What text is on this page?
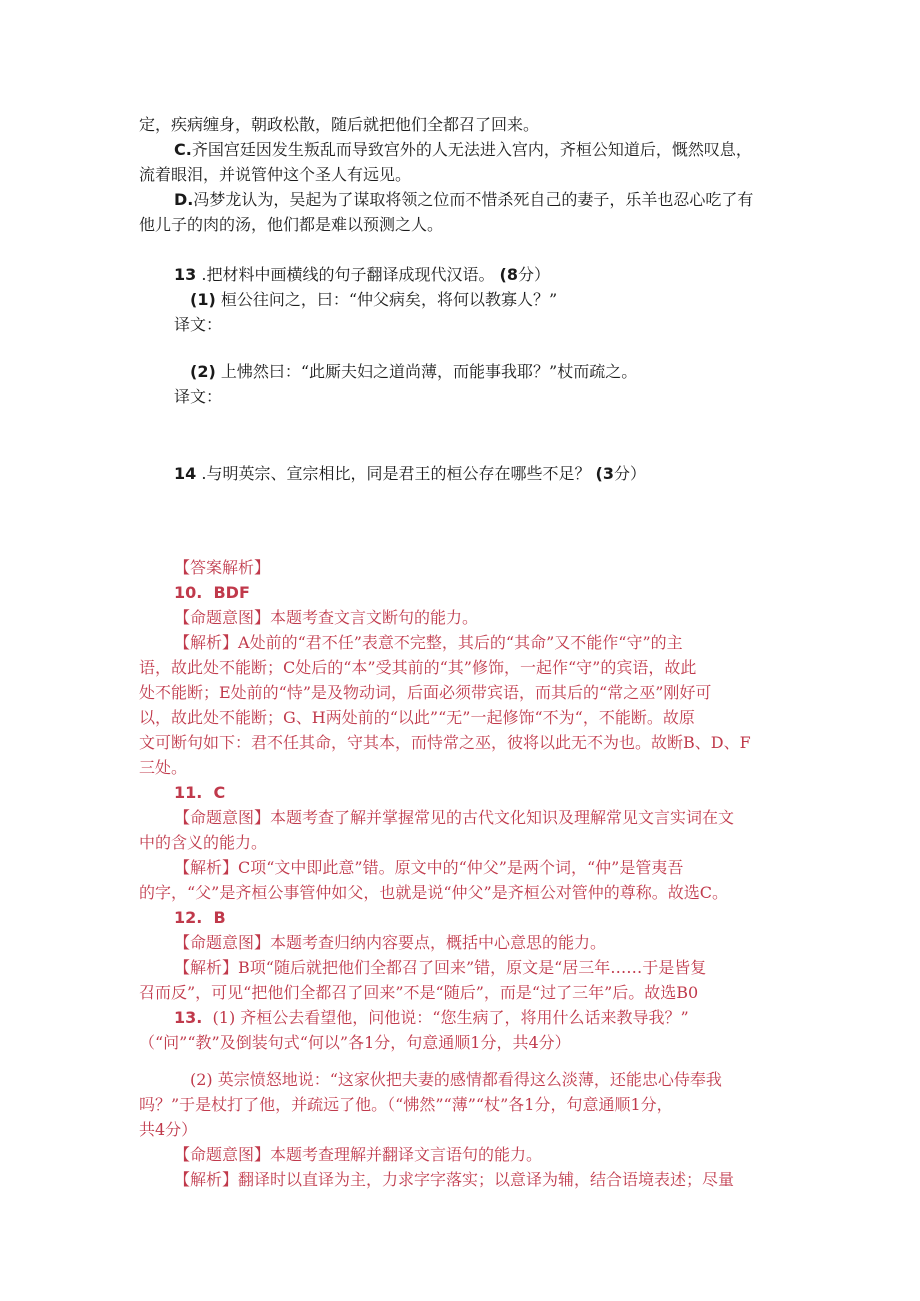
定，疾病缠身，朝政松散，随后就把他们全都召了回来。
C.齐国宫廷因发生叛乱而导致宫外的人无法进入宫内，齐桓公知道后，慨然叹息，
流着眼泪，并说管仲这个圣人有远见。
D.冯梦龙认为，吴起为了谋取将领之位而不惜杀死自己的妻子，乐羊也忍心吃了有
他儿子的肉的汤，他们都是难以预测之人。
13 .把材料中画横线的句子翻译成现代汉语。 (8分）
(1) 桓公往问之，曰：“仲父病矣，将何以教寡人？”
译文：
(2) 上怫然曰：“此厮夫妇之道尚薄，而能事我耶？”杖而疏之。
译文：
14 .与明英宗、宣宗相比，同是君王的桓公存在哪些不足？ (3分）
【答案解析】
10. BDF
【命题意图】本题考查文言文断句的能力。
【解析】A处前的“君不任”表意不完整，其后的“其命”又不能作“守”的主
语，故此处不能断；C处后的“本”受其前的“其”修饰，一起作“守”的宾语，故此
处不能断；E处前的“恃”是及物动词，后面必须带宾语，而其后的“常之巫”刚好可
以，故此处不能断；G、H两处前的“以此”“无”一起修饰“不为“，不能断。故原
文可断句如下：君不任其命，守其本，而恃常之巫，彼将以此无不为也。故断B、D、F
三处。
11. C
【命题意图】本题考查了解并掌握常见的古代文化知识及理解常见文言实词在文
中的含义的能力。
【解析】C项“文中即此意”错。原文中的“仲父”是两个词，“仲”是管夷吾
的字，“父”是齐桓公事管仲如父，也就是说“仲父”是齐桓公对管仲的尊称。故选C。
12. B
【命题意图】本题考查归纳内容要点，概括中心意思的能力。
【解析】B项“随后就把他们全都召了回来”错，原文是“居三年……于是皆复
召而反”，可见“把他们全都召了回来”不是“随后”，而是“过了三年”后。故选B0
13. (1) 齐桓公去看望他，问他说：“您生病了，将用什么话来教导我？”
（“问”“教”及倒装句式“何以”各1分，句意通顺1分，共4分）
(2) 英宗愤怒地说：“这家伙把夫妻的感情都看得这么淡薄，还能忠心侍奉我
吗？”于是杖打了他，并疏远了他。（“怫然”“薄”“杖”各1分，句意通顺1分，
共4分）
【命题意图】本题考查理解并翻译文言语句的能力。
【解析】翻译时以直译为主，力求字字落实；以意译为辅，结合语境表述；尽量
